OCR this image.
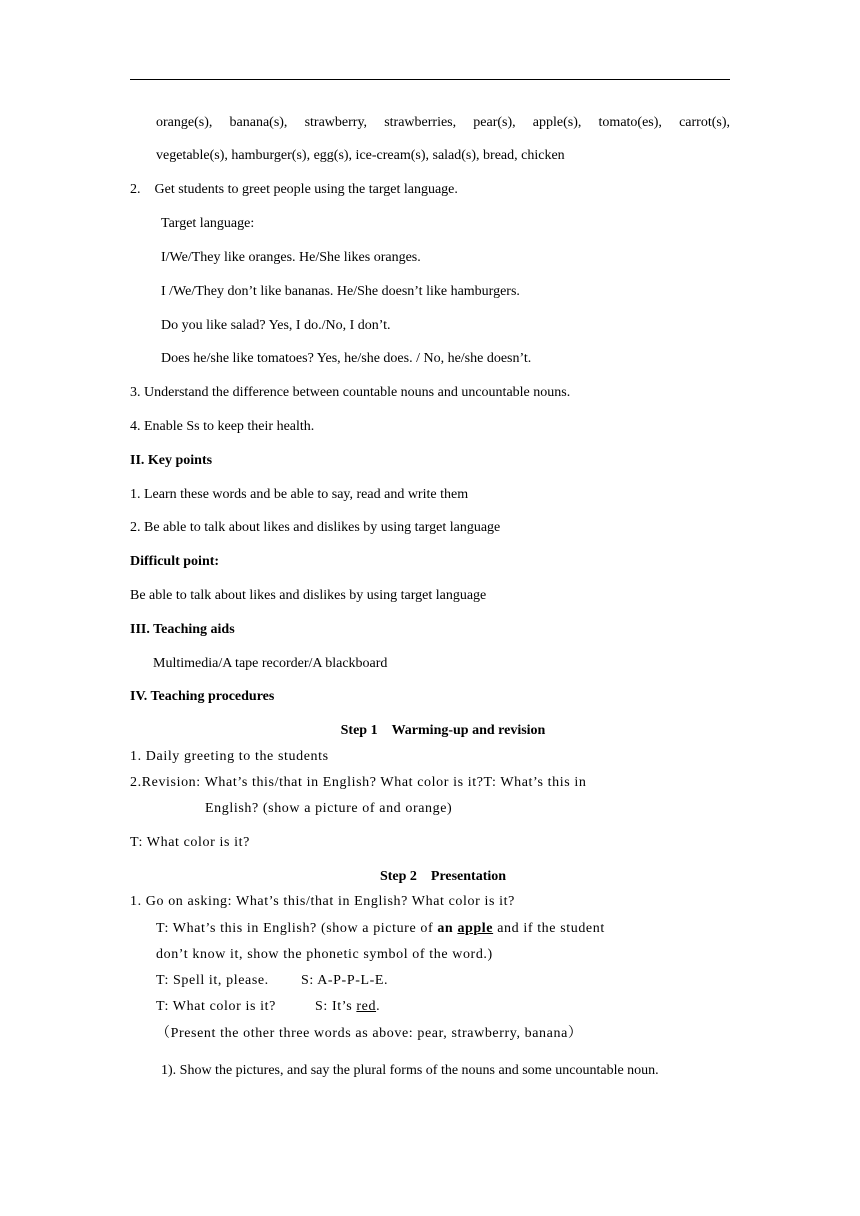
orange(s), banana(s), strawberry, strawberries, pear(s), apple(s), tomato(es), carrot(s),
vegetable(s), hamburger(s), egg(s), ice-cream(s), salad(s), bread, chicken
2.    Get students to greet people using the target language.
Target language:
I/We/They like oranges. He/She likes oranges.
I /We/They don’t like bananas. He/She doesn’t like hamburgers.
Do you like salad? Yes, I do./No, I don’t.
Does he/she like tomatoes? Yes, he/she does. / No, he/she doesn’t.
3. Understand the difference between countable nouns and uncountable nouns.
4. Enable Ss to keep their health.
II. Key points
1. Learn these words and be able to say, read and write them
2. Be able to talk about likes and dislikes by using target language
Difficult point:
Be able to talk about likes and dislikes by using target language
III. Teaching aids
Multimedia/A tape recorder/A blackboard
IV. Teaching procedures
Step 1    Warming-up and revision
1. Daily greeting to the students
2.Revision: What’s this/that in English? What color is it?T: What’s this in
English? (show a picture of and orange)
T: What color is it?
Step 2    Presentation
1. Go on asking: What’s this/that in English? What color is it?
T: What’s this in English? (show a picture of an apple and if the student
don’t know it, show the phonetic symbol of the word.)
T: Spell it, please. S: A-P-P-L-E.
T: What color is it?	S: It’s red.
（Present the other three words as above: pear, strawberry, banana）
1). Show the pictures, and say the plural forms of the nouns and some uncountable noun.
